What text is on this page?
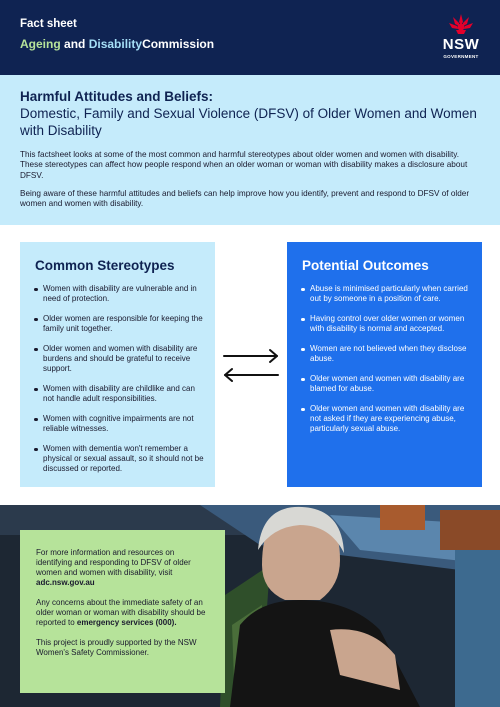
Fact sheet
Ageing and DisabilityCommission	NSW
GOVERNMENT
Harmful Attitudes and Beliefs:
Domestic, Family and Sexual Violence (DFSV) of Older Women and Women with Disability

This factsheet looks at some of the most common and harmful stereotypes about older women and women with disability. These stereotypes can affect how people respond when an older woman or woman with disability makes a disclosure about DFSV.

Being aware of these harmful attitudes and beliefs can help improve how you identify, prevent and respond to DFSV of older women and women with disability.

Common Stereotypes
Women with disability are vulnerable and in need of protection.
Older women are responsible for keeping the family unit together.
Older women and women with disability are burdens and should be grateful to receive support.
Women with disability are childlike and can not handle adult responsibilities.
Women with cognitive impairments are not reliable witnesses.
Women with dementia won't remember a physical or sexual assault, so it should not be discussed or reported.
Potential Outcomes
Abuse is minimised particularly when carried out by someone in a position of care.
Having control over older women or women with disability is normal and accepted.
Women are not believed when they disclose abuse.
Older women and women with disability are blamed for abuse.
Older women and women with disability are not asked if they are experiencing abuse, particularly sexual abuse.

For more information and resources on identifying and responding to DFSV of older women and women with disability, visit adc.nsw.gov.au

Any concerns about the immediate safety of an older woman or woman with disability should be reported to emergency services (000).

This project is proudly supported by the NSW Women's Safety Commissioner.
